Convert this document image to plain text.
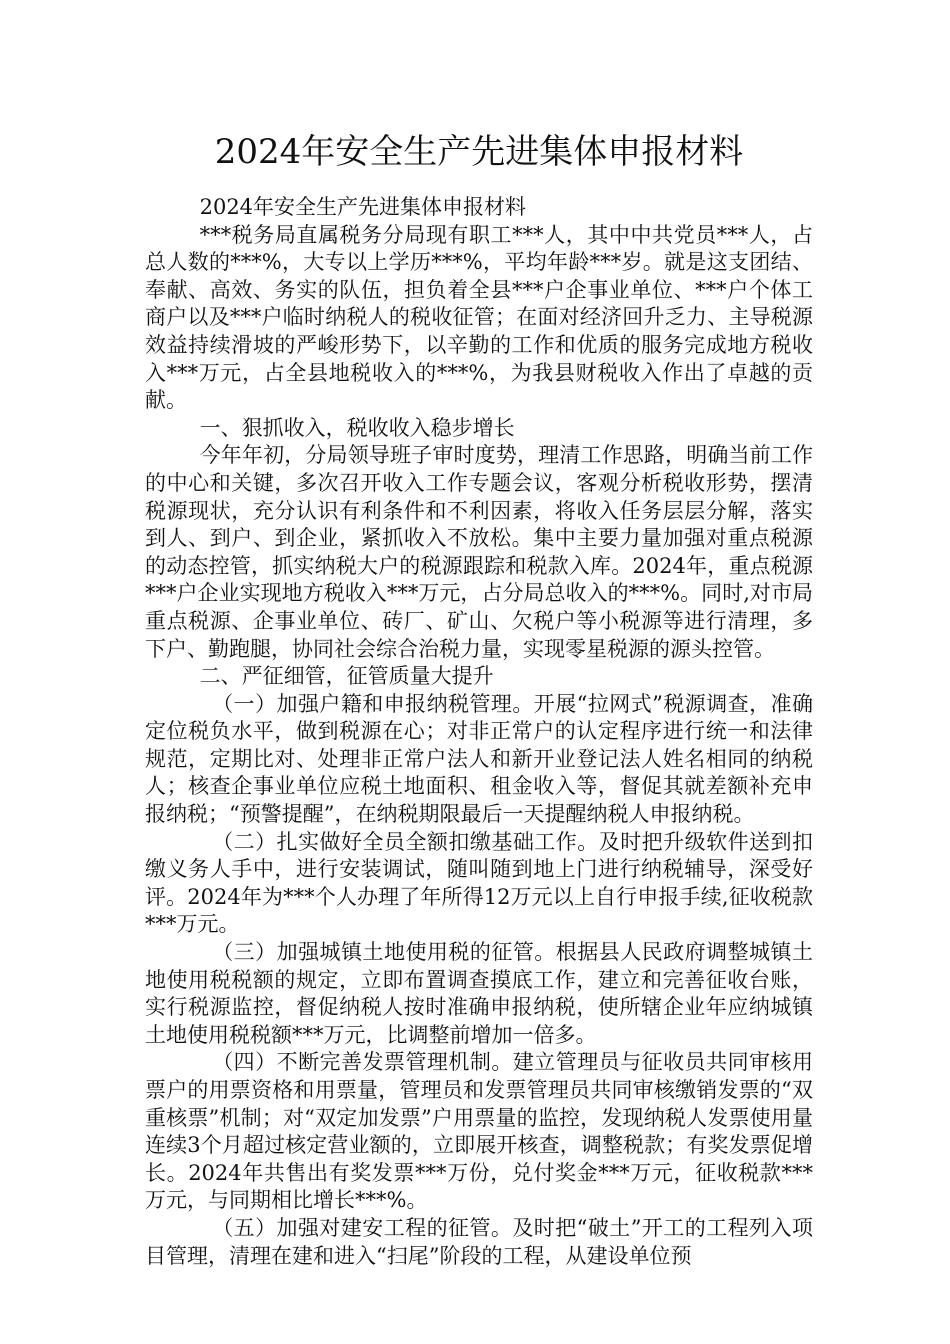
2024年安全生产先进集体申报材料

2024年安全生产先进集体申报材料

***税务局直属税务分局现有职工***人，其中中共党员***人，占总人数的***%，大专以上学历***%，平均年龄***岁。就是这支团结、奉献、高效、务实的队伍，担负着全县***户企事业单位、***户个体工商户以及***户临时纳税人的税收征管；在面对经济回升乏力、主导税源效益持续滑坡的严峻形势下，以辛勤的工作和优质的服务完成地方税收入***万元，占全县地税收入的***%，为我县财税收入作出了卓越的贡献。

一、狠抓收入，税收收入稳步增长

今年年初，分局领导班子审时度势，理清工作思路，明确当前工作的中心和关键，多次召开收入工作专题会议，客观分析税收形势，摆清税源现状，充分认识有利条件和不利因素，将收入任务层层分解，落实到人、到户、到企业，紧抓收入不放松。集中主要力量加强对重点税源的动态控管，抓实纳税大户的税源跟踪和税款入库。2024年，重点税源***户企业实现地方税收入***万元，占分局总收入的***%。同时,对市局重点税源、企事业单位、砖厂、矿山、欠税户等小税源等进行清理，多下户、勤跑腿，协同社会综合治税力量，实现零星税源的源头控管。

二、严征细管，征管质量大提升

（一）加强户籍和申报纳税管理。开展“拉网式”税源调查，准确定位税负水平，做到税源在心；对非正常户的认定程序进行统一和法律规范，定期比对、处理非正常户法人和新开业登记法人姓名相同的纳税人；核查企事业单位应税土地面积、租金收入等，督促其就差额补充申报纳税；“预警提醒”，在纳税期限最后一天提醒纳税人申报纳税。

（二）扎实做好全员全额扣缴基础工作。及时把升级软件送到扣缴义务人手中，进行安装调试，随叫随到地上门进行纳税辅导，深受好评。2024年为***个人办理了年所得12万元以上自行申报手续,征收税款***万元。

（三）加强城镇土地使用税的征管。根据县人民政府调整城镇土地使用税税额的规定，立即布置调查摸底工作，建立和完善征收台账，实行税源监控，督促纳税人按时准确申报纳税，使所辖企业年应纳城镇土地使用税税额***万元，比调整前增加一倍多。

（四）不断完善发票管理机制。建立管理员与征收员共同审核用票户的用票资格和用票量，管理员和发票管理员共同审核缴销发票的“双重核票”机制；对“双定加发票”户用票量的监控，发现纳税人发票使用量连续3个月超过核定营业额的，立即展开核查，调整税款；有奖发票促增长。2024年共售出有奖发票***万份，兑付奖金***万元，征收税款***万元，与同期相比增长***%。

（五）加强对建安工程的征管。及时把“破土”开工的工程列入项目管理，清理在建和进入“扫尾”阶段的工程，从建设单位预
